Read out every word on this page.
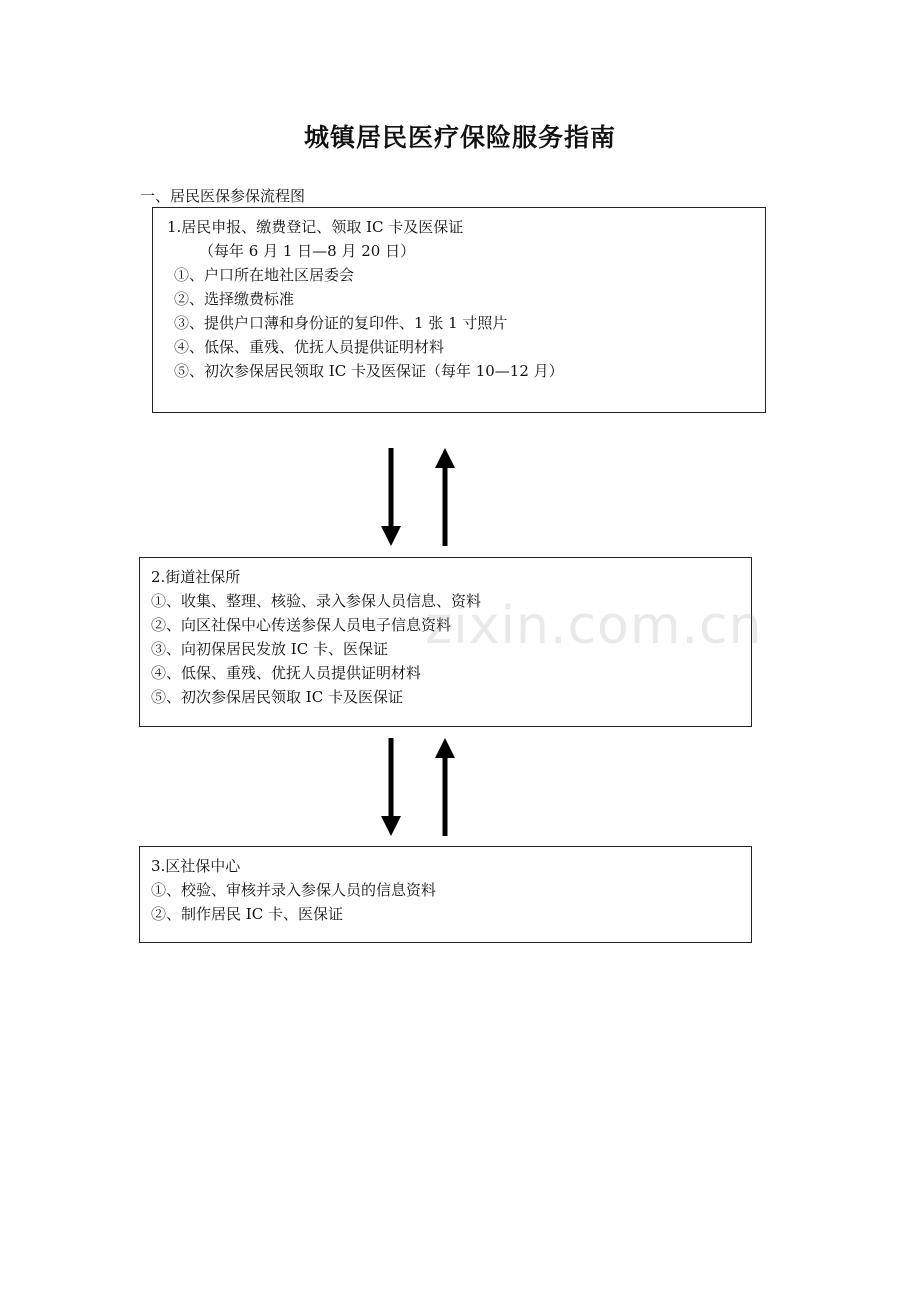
城镇居民医疗保险服务指南
一、居民医保参保流程图
1.居民申报、缴费登记、领取 IC 卡及医保证
（每年 6 月 1 日—8 月 20 日）
①、户口所在地社区居委会
②、选择缴费标准
③、提供户口薄和身份证的复印件、1 张 1 寸照片
④、低保、重残、优抚人员提供证明材料
⑤、初次参保居民领取 IC 卡及医保证（每年 10—12 月）
2.街道社保所
①、收集、整理、核验、录入参保人员信息、资料
②、向区社保中心传送参保人员电子信息资料
③、向初保居民发放 IC 卡、医保证
④、低保、重残、优抚人员提供证明材料
⑤、初次参保居民领取 IC 卡及医保证
3.区社保中心
①、校验、审核并录入参保人员的信息资料
②、制作居民 IC 卡、医保证
